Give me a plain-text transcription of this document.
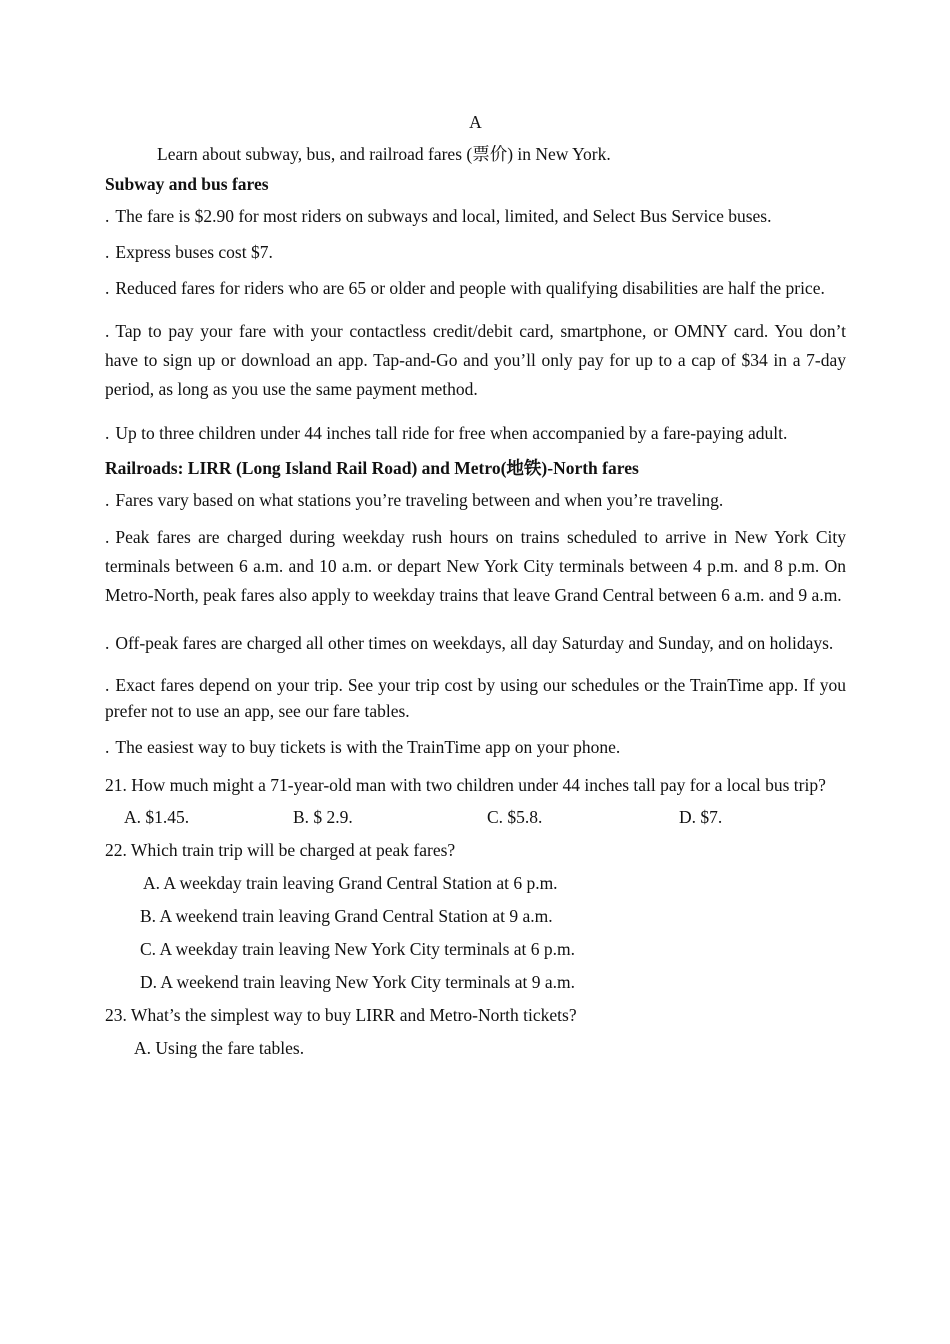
A

Learn about subway, bus, and railroad fares (票价) in New York.

Subway and bus fares

. The fare is $2.90 for most riders on subways and local, limited, and Select Bus Service buses.

. Express buses cost $7.

. Reduced fares for riders who are 65 or older and people with qualifying disabilities are half the price.

. Tap to pay your fare with your contactless credit/debit card, smartphone, or OMNY card. You don’t have to sign up or download an app. Tap-and-Go and you’ll only pay for up to a cap of $34 in a 7-day period, as long as you use the same payment method.

. Up to three children under 44 inches tall ride for free when accompanied by a fare-paying adult.

Railroads: LIRR (Long Island Rail Road) and Metro(地铁)-North fares

. Fares vary based on what stations you’re traveling between and when you’re traveling.

. Peak fares are charged during weekday rush hours on trains scheduled to arrive in New York City terminals between 6 a.m. and 10 a.m. or depart New York City terminals between 4 p.m. and 8 p.m. On Metro-North, peak fares also apply to weekday trains that leave Grand Central between 6 a.m. and 9 a.m.

. Off-peak fares are charged all other times on weekdays, all day Saturday and Sunday, and on holidays.

. Exact fares depend on your trip. See your trip cost by using our schedules or the TrainTime app. If you prefer not to use an app, see our fare tables.

. The easiest way to buy tickets is with the TrainTime app on your phone.

21. How much might a 71-year-old man with two children under 44 inches tall pay for a local bus trip?

A. $1.45.	B. $ 2.9.	C. $5.8.	D. $7.

22. Which train trip will be charged at peak fares?

A. A weekday train leaving Grand Central Station at 6 p.m.

B. A weekend train leaving Grand Central Station at 9 a.m.

C. A weekday train leaving New York City terminals at 6 p.m.

D. A weekend train leaving New York City terminals at 9 a.m.

23. What’s the simplest way to buy LIRR and Metro-North tickets?

A. Using the fare tables.
